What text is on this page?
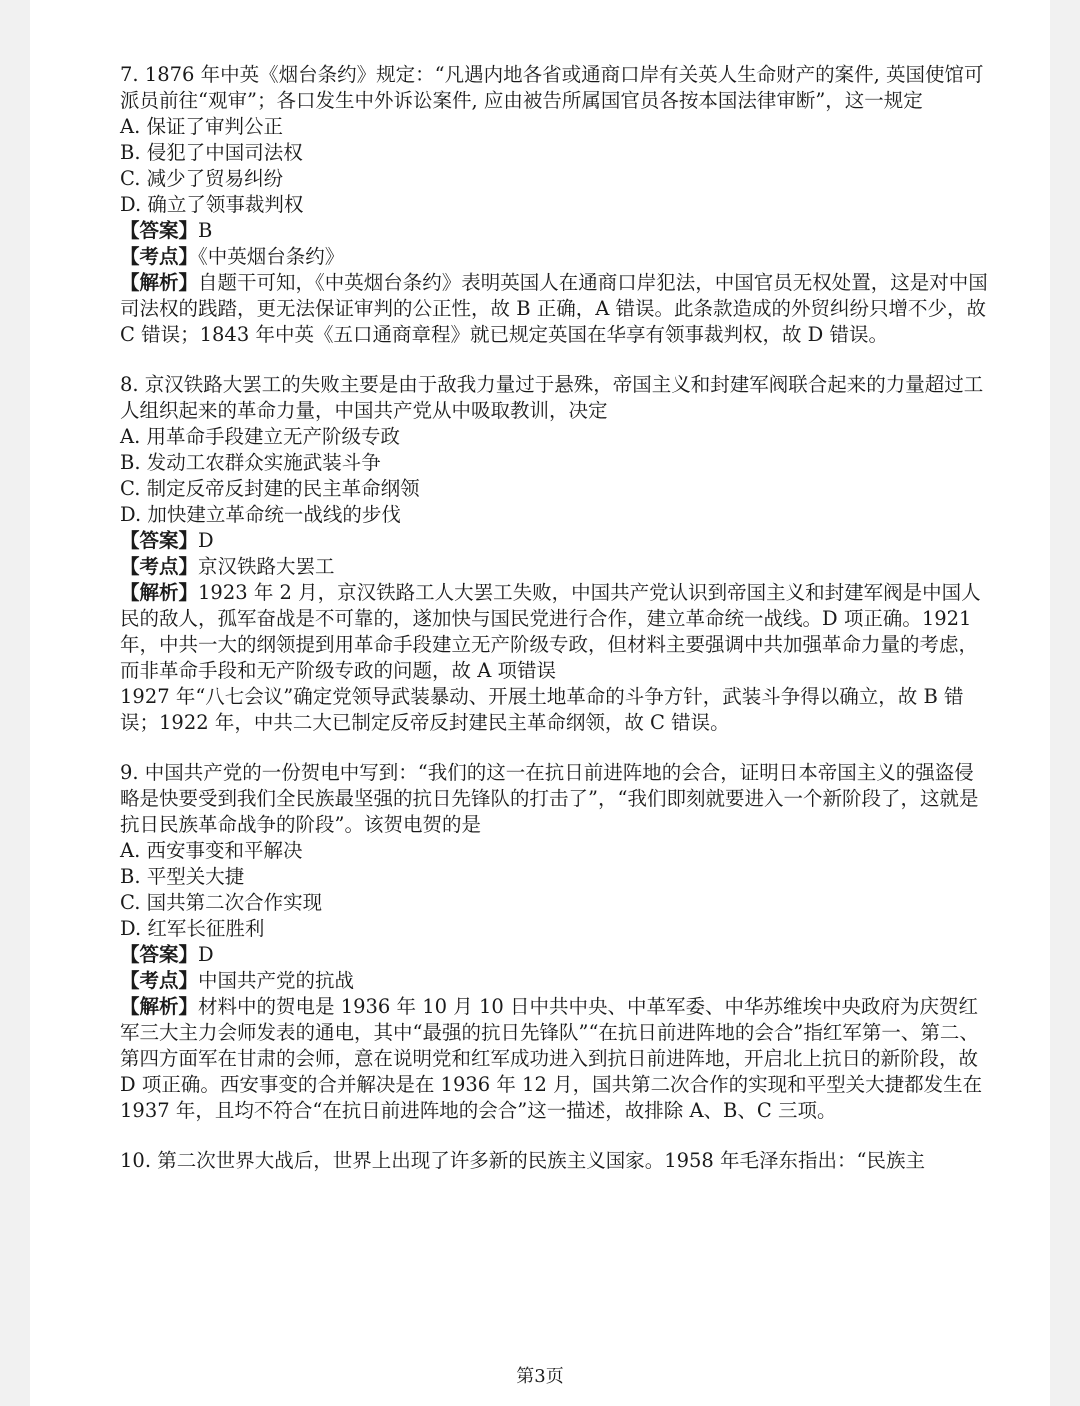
7. 1876 年中英《烟台条约》规定：“凡遇内地各省或通商口岸有关英人生命财产的案件, 英国使馆可派员前往“观审”；各口发生中外诉讼案件, 应由被告所属国官员各按本国法律审断”，这一规定
A. 保证了审判公正
B. 侵犯了中国司法权
C. 减少了贸易纠纷
D. 确立了领事裁判权
【答案】B
【考点】《中英烟台条约》
【解析】自题干可知，《中英烟台条约》表明英国人在通商口岸犯法，中国官员无权处置，这是对中国司法权的践踏，更无法保证审判的公正性，故 B 正确，A 错误。此条款造成的外贸纠纷只增不少，故 C 错误；1843 年中英《五口通商章程》就已规定英国在华享有领事裁判权，故 D 错误。
8. 京汉铁路大罢工的失败主要是由于敌我力量过于悬殊，帝国主义和封建军阀联合起来的力量超过工人组织起来的革命力量，中国共产党从中吸取教训，决定
A. 用革命手段建立无产阶级专政
B. 发动工农群众实施武装斗争
C. 制定反帝反封建的民主革命纲领
D. 加快建立革命统一战线的步伐
【答案】D
【考点】京汉铁路大罢工
【解析】1923 年 2 月，京汉铁路工人大罢工失败，中国共产党认识到帝国主义和封建军阀是中国人民的敌人，孤军奋战是不可靠的，遂加快与国民党进行合作，建立革命统一战线。D 项正确。1921 年，中共一大的纲领提到用革命手段建立无产阶级专政，但材料主要强调中共加强革命力量的考虑，而非革命手段和无产阶级专政的问题，故 A 项错误
1927 年“八七会议”确定党领导武装暴动、开展土地革命的斗争方针，武装斗争得以确立，故 B 错误；1922 年，中共二大已制定反帝反封建民主革命纲领，故 C 错误。
9. 中国共产党的一份贺电中写到：“我们的这一在抗日前进阵地的会合，证明日本帝国主义的强盗侵略是快要受到我们全民族最坚强的抗日先锋队的打击了”，“我们即刻就要进入一个新阶段了，这就是抗日民族革命战争的阶段”。该贺电贺的是
A. 西安事变和平解决
B. 平型关大捷
C. 国共第二次合作实现
D. 红军长征胜利
【答案】D
【考点】中国共产党的抗战
【解析】材料中的贺电是 1936 年 10 月 10 日中共中央、中革军委、中华苏维埃中央政府为庆贺红军三大主力会师发表的通电，其中“最强的抗日先锋队”“在抗日前进阵地的会合”指红军第一、第二、第四方面军在甘肃的会师，意在说明党和红军成功进入到抗日前进阵地，开启北上抗日的新阶段，故 D 项正确。西安事变的合并解决是在 1936 年 12 月，国共第二次合作的实现和平型关大捷都发生在 1937 年，且均不符合“在抗日前进阵地的会合”这一描述，故排除 A、B、C 三项。
10. 第二次世界大战后，世界上出现了许多新的民族主义国家。1958 年毛泽东指出：“民族主
第3页
